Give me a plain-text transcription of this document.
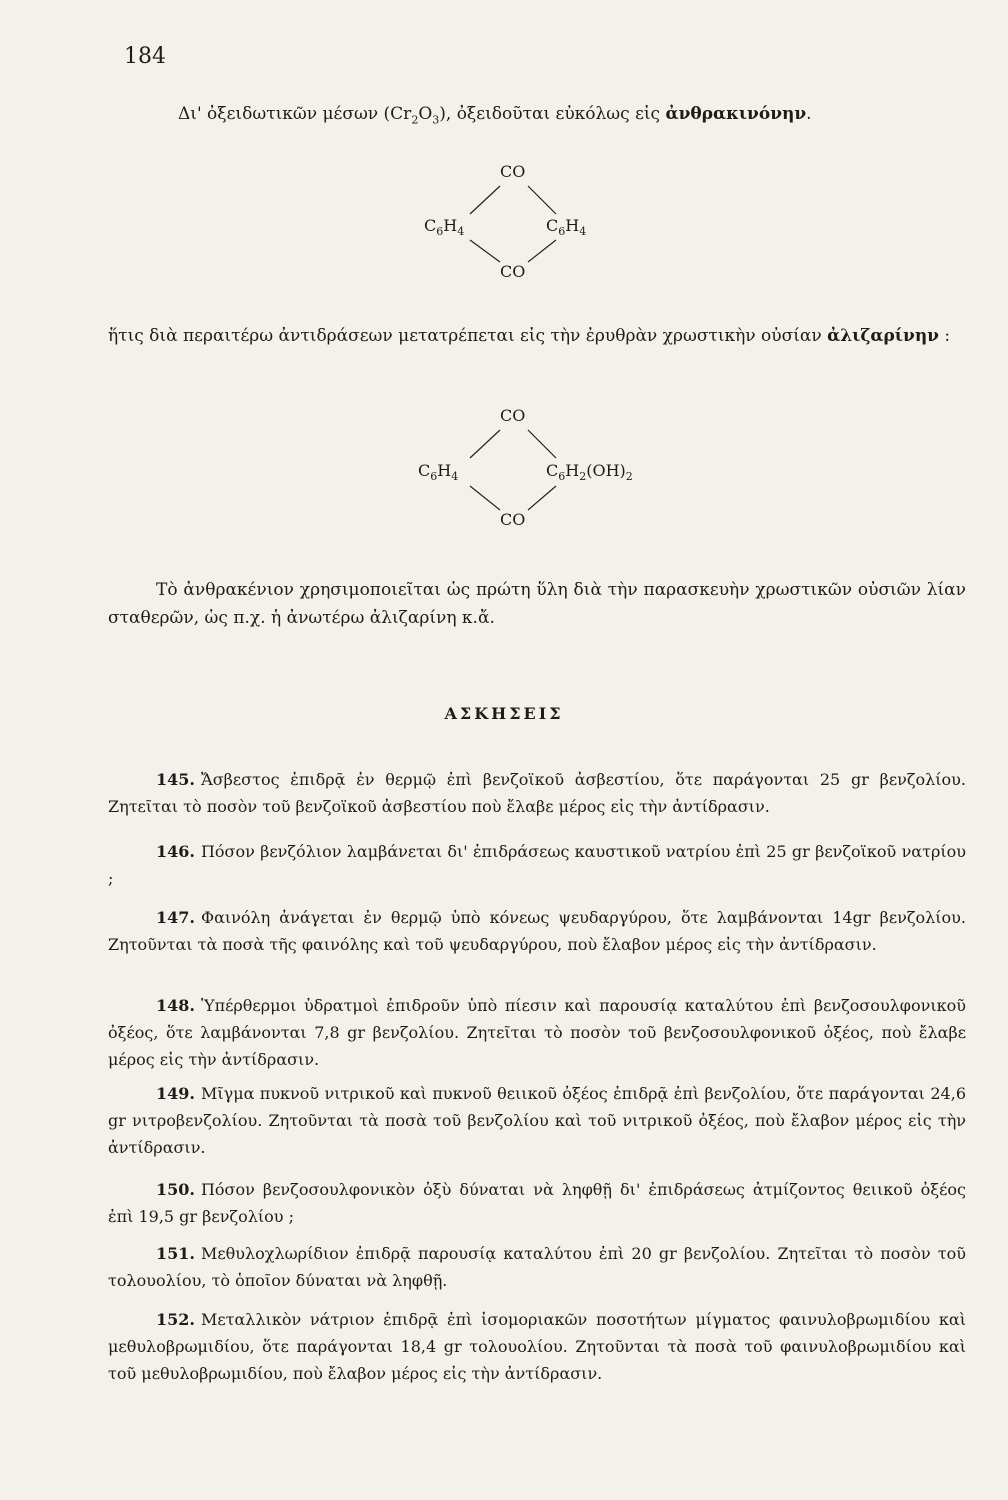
184

Δι' ὀξειδωτικῶν μέσων $(Cr_2O_3)$, ὀξειδοῦται εὐκόλως εἰς ἀνθρακινόνην.

CO
$C_6H_4$	$C_6H_4$
CO

ἥτις διὰ περαιτέρω ἀντιδράσεων μετατρέπεται εἰς τὴν ἐρυθρὰν χρωστικὴν οὐσίαν ἀλιζαρίνην :

CO
$C_6H_4$	$C_6H_2(OH)_2$
CO

Τὸ ἀνθρακένιον χρησιμοποιεῖται ὡς πρώτη ὕλη διὰ τὴν παρασκευὴν χρωστικῶν οὐσιῶν λίαν σταθερῶν, ὡς π.χ. ἡ ἀνωτέρω ἀλιζαρίνη κ.ἄ.

ΑΣΚΗΣΕΙΣ

145. Ἄσβεστος ἐπιδρᾷ ἐν θερμῷ ἐπὶ βενζοϊκοῦ ἀσβεστίου, ὅτε παράγονται 25 gr βενζολίου. Ζητεῖται τὸ ποσὸν τοῦ βενζοϊκοῦ ἀσβεστίου ποὺ ἔλαβε μέρος εἰς τὴν ἀντίδρασιν.

146. Πόσον βενζόλιον λαμβάνεται δι' ἐπιδράσεως καυστικοῦ νατρίου ἐπὶ 25 gr βενζοϊκοῦ νατρίου ;

147. Φαινόλη ἀνάγεται ἐν θερμῷ ὑπὸ κόνεως ψευδαργύρου, ὅτε λαμβάνονται 14gr βενζολίου. Ζητοῦνται τὰ ποσὰ τῆς φαινόλης καὶ τοῦ ψευδαργύρου, ποὺ ἔλαβον μέρος εἰς τὴν ἀντίδρασιν.

148. Ὑπέρθερμοι ὑδρατμοὶ ἐπιδροῦν ὑπὸ πίεσιν καὶ παρουσίᾳ καταλύτου ἐπὶ βενζοσουλφονικοῦ ὀξέος, ὅτε λαμβάνονται 7,8 gr βενζολίου. Ζητεῖται τὸ ποσὸν τοῦ βενζοσουλφονικοῦ ὀξέος, ποὺ ἔλαβε μέρος εἰς τὴν ἀντίδρασιν.

149. Μῖγμα πυκνοῦ νιτρικοῦ καὶ πυκνοῦ θειικοῦ ὀξέος ἐπιδρᾷ ἐπὶ βενζολίου, ὅτε παράγονται 24,6 gr νιτροβενζολίου. Ζητοῦνται τὰ ποσὰ τοῦ βενζολίου καὶ τοῦ νιτρικοῦ ὀξέος, ποὺ ἔλαβον μέρος εἰς τὴν ἀντίδρασιν.

150. Πόσον βενζοσουλφονικὸν ὀξὺ δύναται νὰ ληφθῇ δι' ἐπιδράσεως ἀτμίζοντος θειικοῦ ὀξέος ἐπὶ 19,5 gr βενζολίου ;

151. Μεθυλοχλωρίδιον ἐπιδρᾷ παρουσίᾳ καταλύτου ἐπὶ 20 gr βενζολίου. Ζητεῖται τὸ ποσὸν τοῦ τολουολίου, τὸ ὁποῖον δύναται νὰ ληφθῇ.

152. Μεταλλικὸν νάτριον ἐπιδρᾷ ἐπὶ ἰσομοριακῶν ποσοτήτων μίγματος φαινυλοβρωμιδίου καὶ μεθυλοβρωμιδίου, ὅτε παράγονται 18,4 gr τολουολίου. Ζητοῦνται τὰ ποσὰ τοῦ φαινυλοβρωμιδίου καὶ τοῦ μεθυλοβρωμιδίου, ποὺ ἔλαβον μέρος εἰς τὴν ἀντίδρασιν.
